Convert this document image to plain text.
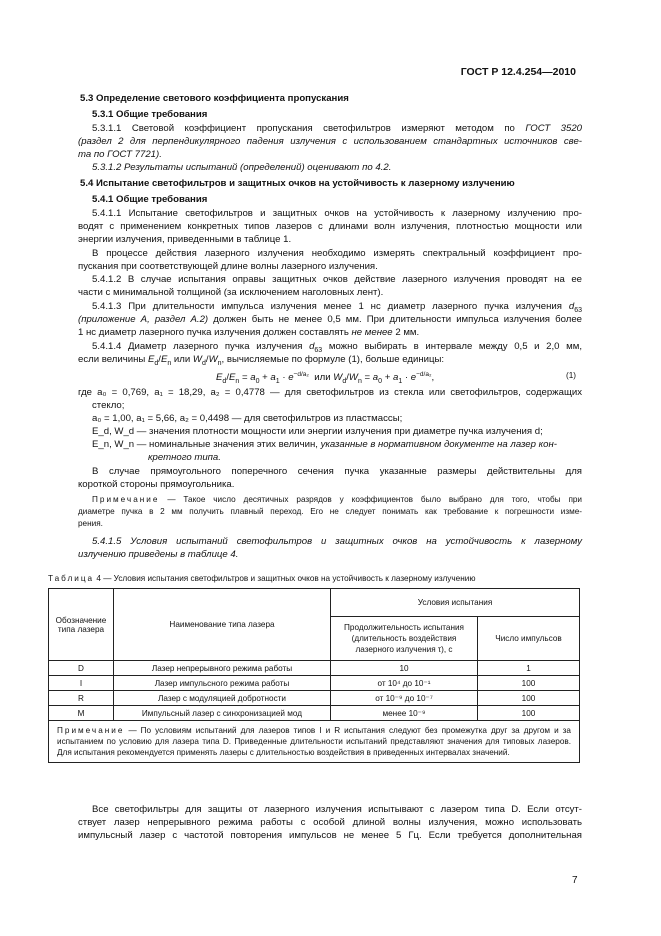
ГОСТ Р 12.4.254—2010
5.3 Определение светового коэффициента пропускания
5.3.1 Общие требования
5.3.1.1 Световой коэффициент пропускания светофильтров измеряют методом по ГОСТ 3520
(раздел 2 для перпендикулярного падения излучения с использованием стандартных источников све-
та по ГОСТ 7721).
5.3.1.2 Результаты испытаний (определений) оценивают по 4.2.
5.4 Испытание светофильтров и защитных очков на устойчивость к лазерному излучению
5.4.1 Общие требования
5.4.1.1 Испытание светофильтров и защитных очков на устойчивость к лазерному излучению про-
водят с применением конкретных типов лазеров с длинами волн излучения, плотностью мощности или
энергии излучения, приведенными в таблице 1.
В процессе действия лазерного излучения необходимо измерять спектральный коэффициент про-
пускания при соответствующей длине волны лазерного излучения.
5.4.1.2 В случае испытания оправы защитных очков действие лазерного излучения проводят на ее
части с минимальной толщиной (за исключением наголовных лент).
5.4.1.3 При длительности импульса излучения менее 1 нс диаметр лазерного пучка излучения $d_{63}$
(приложение А, раздел А.2) должен быть не менее 0,5 мм. При длительности импульса излучения более
1 нс диаметр лазерного пучка излучения должен составлять не менее 2 мм.
5.4.1.4 Диаметр лазерного пучка излучения $d_{63}$ можно выбирать в интервале между 0,5 и 2,0 мм,
если величины $E_d/E_n$ или $W_d/W_n$, вычисляемые по формуле (1), больше единицы:
$E_d/E_n = a_0 + a_1 \cdot e^{-d/a_2}$ или $W_d/W_n = a_0 + a_1 \cdot e^{-d/a_2}$,	(1)
где a₀ = 0,769, a₁ = 18,29, a₂ = 0,4778 — для светофильтров из стекла или светофильтров, содержащих
стекло;
a₀ = 1,00, a₁ = 5,66, a₂ = 0,4498 — для светофильтров из пластмассы;
E_d, W_d — значения плотности мощности или энергии излучения при диаметре пучка излучения d;
E_n, W_n — номинальные значения этих величин, указанные в нормативном документе на лазер кон-
кретного типа.
В случае прямоугольного поперечного сечения пучка указанные размеры действительны для
короткой стороны прямоугольника.
Примечание — Такое число десятичных разрядов у коэффициентов было выбрано для того, чтобы при
диаметре пучка в 2 мм получить плавный переход. Его не следует понимать как требование к погрешности изме-
рения.
5.4.1.5 Условия испытаний светофильтров и защитных очков на устойчивость к лазерному
излучению приведены в таблице 4.
Таблица 4 — Условия испытания светофильтров и защитных очков на устойчивость к лазерному излучению
Обозначение типа лазера	Наименование типа лазера	Условия испытания	
		Продолжительность испытания (длительность воздействия лазерного излучения τ), с	Число импульсов
D	Лазер непрерывного режима работы	10	1
I	Лазер импульсного режима работы	от 10⁴ до 10⁻¹	100
R	Лазер с модуляцией добротности	от 10⁻⁹ до 10⁻⁷	100
M	Импульсный лазер с синхронизацией мод	менее 10⁻⁹	100
Примечание — По условиям испытаний для лазеров типов I и R испытания следуют без промежутка друг за другом и за испытанием по условию для лазера типа D. Приведенные длительности испытаний представляют значения для типовых лазеров. Для испытания рекомендуется применять лазеры с длительностью воздействия в приведенных интервалах значений.			
Все светофильтры для защиты от лазерного излучения испытывают с лазером типа D. Если отсут-
ствует лазер непрерывного режима работы с особой длиной волны излучения, можно использовать
импульсный лазер с частотой повторения импульсов не менее 5 Гц. Если требуется дополнительная
7
